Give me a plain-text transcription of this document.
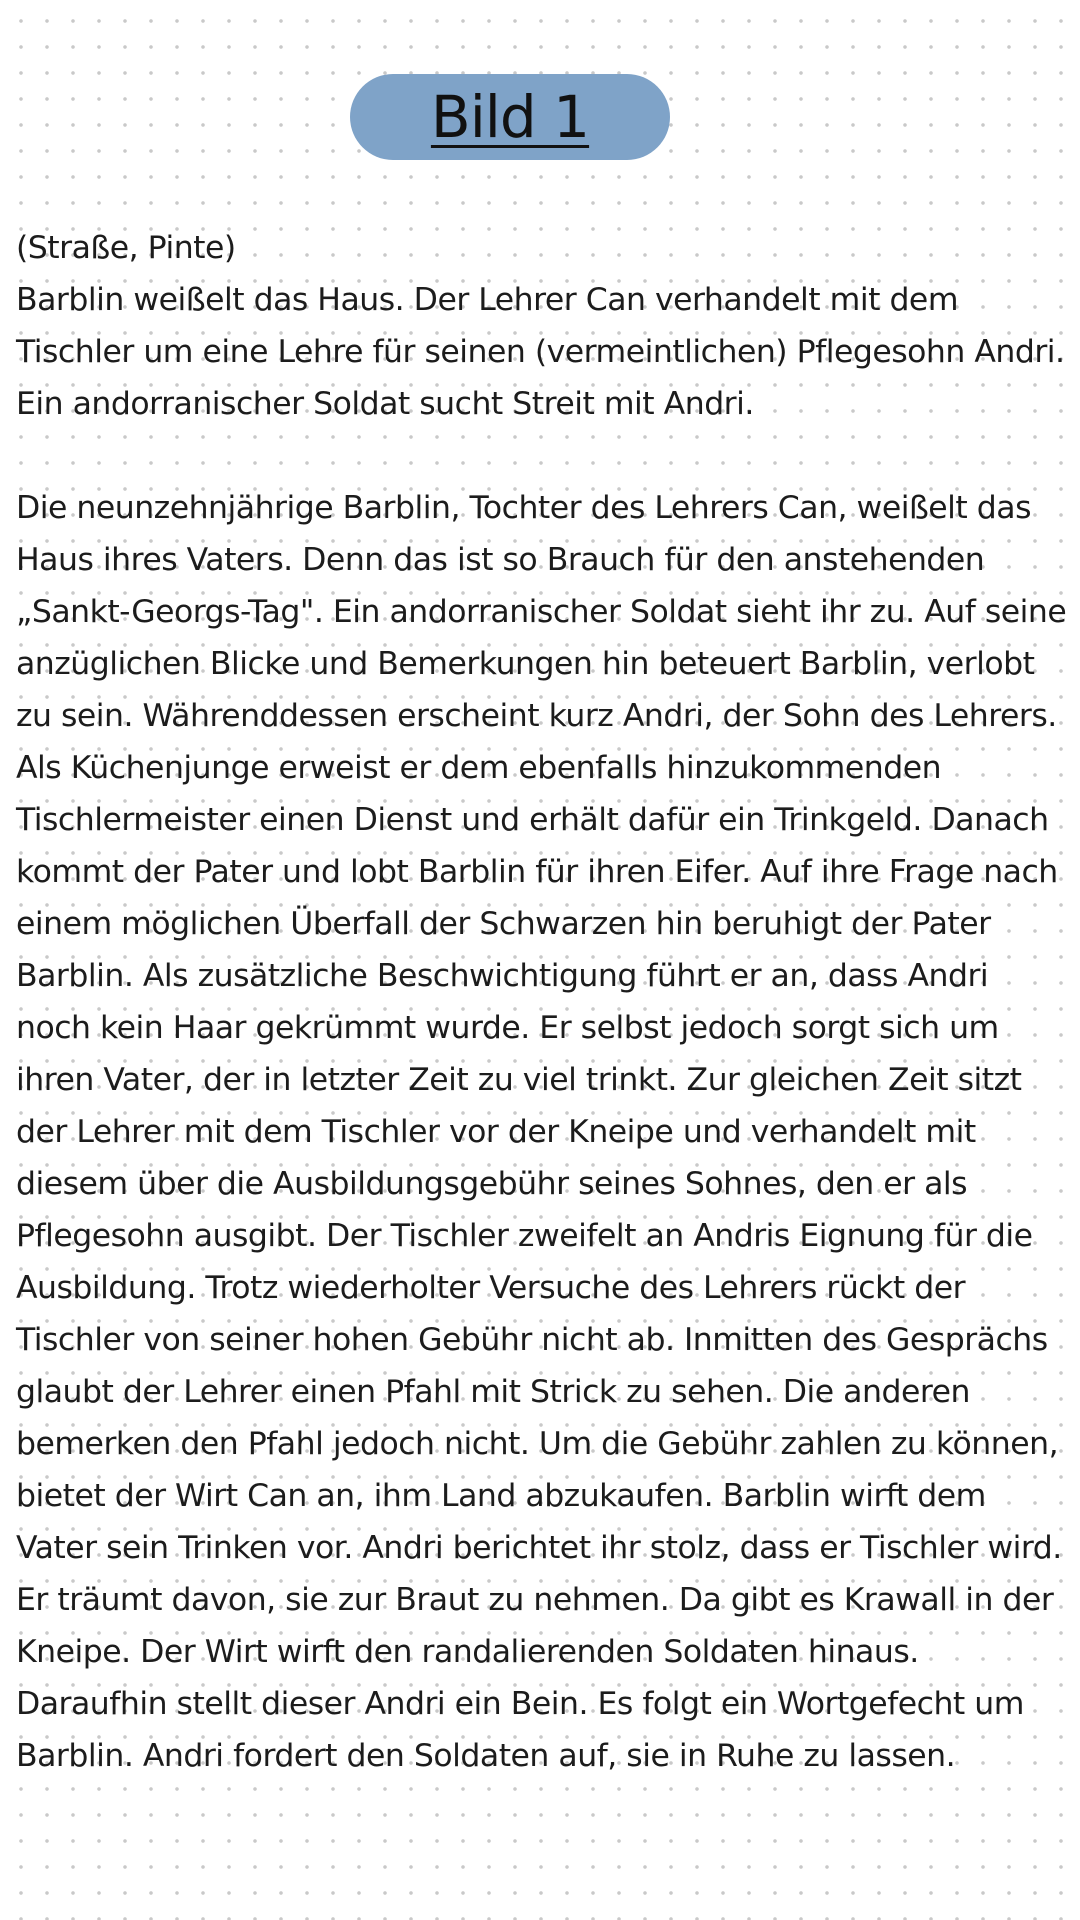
Bild 1

(Straße, Pinte)

Barblin weißelt das Haus. Der Lehrer Can verhandelt mit dem Tischler um eine Lehre für seinen (vermeintlichen) Pflegesohn Andri. Ein andorranischer Soldat sucht Streit mit Andri.

Die neunzehnjährige Barblin, Tochter des Lehrers Can, weißelt das Haus ihres Vaters. Denn das ist so Brauch für den anstehenden „Sankt-Georgs-Tag". Ein andorranischer Soldat sieht ihr zu. Auf seine anzüglichen Blicke und Bemerkungen hin beteuert Barblin, verlobt zu sein. Währenddessen erscheint kurz Andri, der Sohn des Lehrers. Als Küchenjunge erweist er dem ebenfalls hinzukommenden Tischlermeister einen Dienst und erhält dafür ein Trinkgeld. Danach kommt der Pater und lobt Barblin für ihren Eifer. Auf ihre Frage nach einem möglichen Überfall der Schwarzen hin beruhigt der Pater Barblin. Als zusätzliche Beschwichtigung führt er an, dass Andri noch kein Haar gekrümmt wurde. Er selbst jedoch sorgt sich um ihren Vater, der in letzter Zeit zu viel trinkt. Zur gleichen Zeit sitzt der Lehrer mit dem Tischler vor der Kneipe und verhandelt mit diesem über die Ausbildungsgebühr seines Sohnes, den er als Pflegesohn ausgibt. Der Tischler zweifelt an Andris Eignung für die Ausbildung. Trotz wiederholter Versuche des Lehrers rückt der Tischler von seiner hohen Gebühr nicht ab. Inmitten des Gesprächs glaubt der Lehrer einen Pfahl mit Strick zu sehen. Die anderen bemerken den Pfahl jedoch nicht. Um die Gebühr zahlen zu können, bietet der Wirt Can an, ihm Land abzukaufen. Barblin wirft dem Vater sein Trinken vor. Andri berichtet ihr stolz, dass er Tischler wird. Er träumt davon, sie zur Braut zu nehmen. Da gibt es Krawall in der Kneipe. Der Wirt wirft den randalierenden Soldaten hinaus. Daraufhin stellt dieser Andri ein Bein. Es folgt ein Wortgefecht um Barblin. Andri fordert den Soldaten auf, sie in Ruhe zu lassen.
